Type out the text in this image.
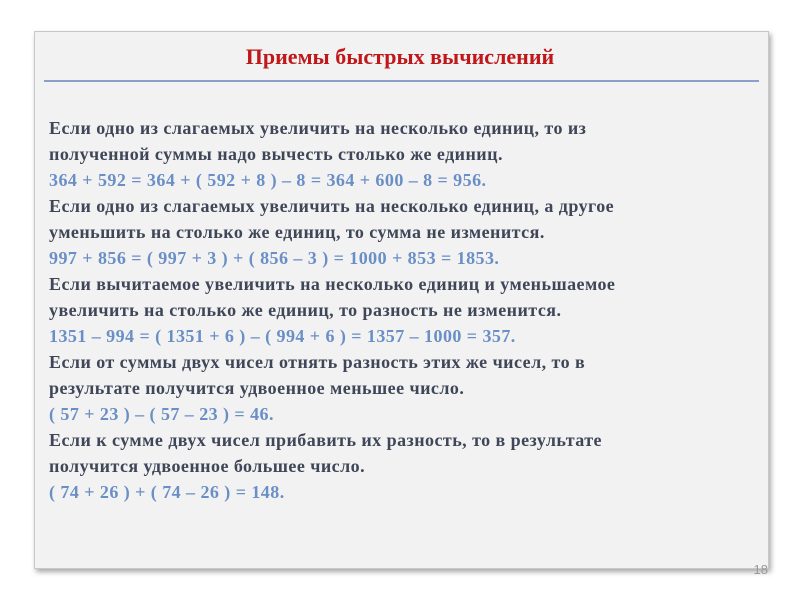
Приемы быстрых вычислений

Если одно из слагаемых увеличить на несколько единиц, то из

полученной суммы надо вычесть столько же единиц.

364 + 592 = 364 + ( 592 + 8 ) – 8 = 364 + 600 – 8 = 956.

Если одно из слагаемых увеличить на несколько единиц, а другое

уменьшить на столько же единиц, то сумма не изменится.

997 + 856 = ( 997 + 3 ) + ( 856 – 3 ) = 1000 + 853 = 1853.

Если вычитаемое увеличить на несколько единиц и уменьшаемое

увеличить на столько же единиц, то разность не изменится.

1351 – 994 = ( 1351 + 6 ) – ( 994 + 6 ) = 1357 – 1000 = 357.

Если от суммы двух чисел отнять разность этих же чисел, то в

результате получится удвоенное меньшее число.

( 57 + 23 ) – ( 57 – 23 ) = 46.

Если к сумме двух чисел прибавить их разность, то в результате

получится удвоенное большее число.

( 74 + 26 ) + ( 74 – 26 ) = 148.

18
